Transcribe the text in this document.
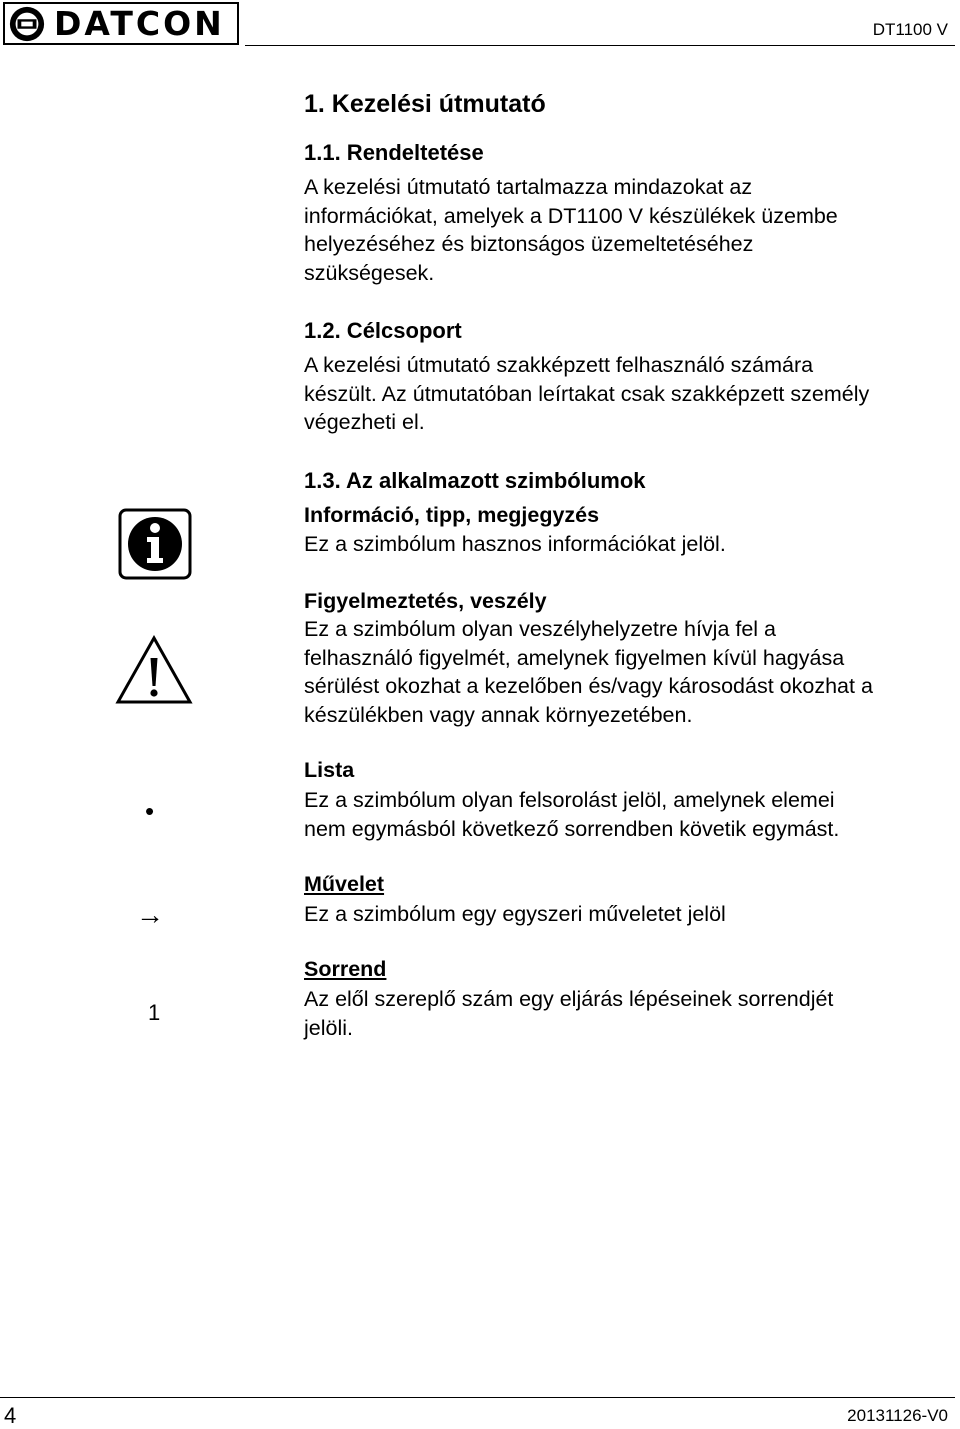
DATCON	DT1100 V
1. Kezelési útmutató
1.1. Rendeltetése

A kezelési útmutató tartalmazza mindazokat az
információkat, amelyek a DT1100 V készülékek üzembe
helyezéséhez és biztonságos üzemeltetéséhez
szükségesek.

1.2. Célcsoport

A kezelési útmutató szakképzett felhasználó számára
készült. Az útmutatóban leírtakat csak szakképzett személy
végezheti el.

1.3. Az alkalmazott szimbólumok
Információ, tipp, megjegyzés

Ez a szimbólum hasznos információkat jelöl.

Figyelmeztetés, veszély

Ez a szimbólum olyan veszélyhelyzetre hívja fel a
felhasználó figyelmét, amelynek figyelmen kívül hagyása
sérülést okozhat a kezelőben és/vagy károsodást okozhat a
készülékben vagy annak környezetében.

•
Lista

Ez a szimbólum olyan felsorolást jelöl, amelynek elemei
nem egymásból következő sorrendben követik egymást.

→
Művelet

Ez a szimbólum egy egyszeri műveletet jelöl

1
Sorrend

Az elől szereplő szám egy eljárás lépéseinek sorrendjét
jelöli.

4	20131126-V0
